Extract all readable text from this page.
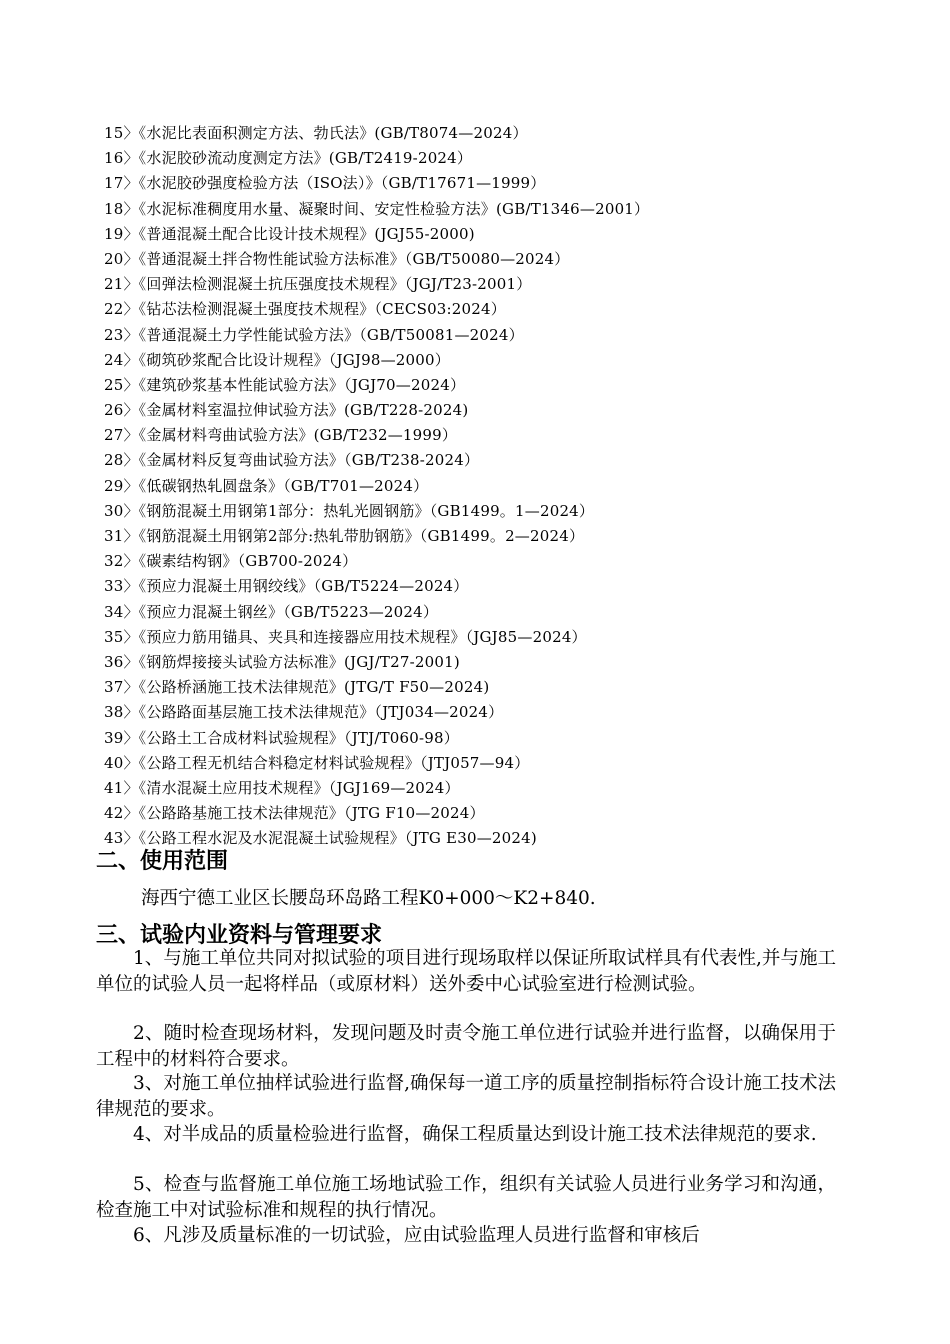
15〉《水泥比表面积测定方法、勃氏法》(GB/T8074—2024）
16〉《水泥胶砂流动度测定方法》(GB/T2419-2024）
17〉《水泥胶砂强度检验方法（ISO法）》（GB/T17671—1999）
18〉《水泥标准稠度用水量、凝聚时间、安定性检验方法》(GB/T1346—2001）
19〉《普通混凝土配合比设计技术规程》(JGJ55-2000)
20〉《普通混凝土拌合物性能试验方法标准》（GB/T50080—2024）
21〉《回弹法检测混凝土抗压强度技术规程》（JGJ/T23-2001）
22〉《钻芯法检测混凝土强度技术规程》（CECS03:2024）
23〉《普通混凝土力学性能试验方法》（GB/T50081—2024）
24〉《砌筑砂浆配合比设计规程》（JGJ98—2000）
25〉《建筑砂浆基本性能试验方法》（JGJ70—2024）
26〉《金属材料室温拉伸试验方法》(GB/T228-2024)
27〉《金属材料弯曲试验方法》(GB/T232—1999）
28〉《金属材料反复弯曲试验方法》（GB/T238-2024）
29〉《低碳钢热轧圆盘条》（GB/T701—2024）
30〉《钢筋混凝土用钢第1部分：热轧光圆钢筋》（GB1499。1—2024）
31〉《钢筋混凝土用钢第2部分:热轧带肋钢筋》（GB1499。2—2024）
32〉《碳素结构钢》（GB700-2024）
33〉《预应力混凝土用钢绞线》（GB/T5224—2024）
34〉《预应力混凝土钢丝》（GB/T5223—2024）
35〉《预应力筋用锚具、夹具和连接器应用技术规程》（JGJ85—2024）
36〉《钢筋焊接接头试验方法标准》(JGJ/T27-2001)
37〉《公路桥涵施工技术法律规范》(JTG/T F50—2024)
38〉《公路路面基层施工技术法律规范》（JTJ034—2024）
39〉《公路土工合成材料试验规程》（JTJ/T060-98）
40〉《公路工程无机结合料稳定材料试验规程》（JTJ057—94）
41〉《清水混凝土应用技术规程》（JGJ169—2024）
42〉《公路路基施工技术法律规范》（JTG F10—2024）
43〉《公路工程水泥及水泥混凝土试验规程》（JTG E30—2024)
二、使用范围
海西宁德工业区长腰岛环岛路工程K0+000～K2+840.
三、试验内业资料与管理要求

1、与施工单位共同对拟试验的项目进行现场取样以保证所取试样具有代表性,并与施工单位的试验人员一起将样品（或原材料）送外委中心试验室进行检测试验。

2、随时检查现场材料，发现问题及时责令施工单位进行试验并进行监督，以确保用于工程中的材料符合要求。

3、对施工单位抽样试验进行监督,确保每一道工序的质量控制指标符合设计施工技术法律规范的要求。

4、对半成品的质量检验进行监督，确保工程质量达到设计施工技术法律规范的要求.

5、检查与监督施工单位施工场地试验工作，组织有关试验人员进行业务学习和沟通，检查施工中对试验标准和规程的执行情况。

6、凡涉及质量标准的一切试验，应由试验监理人员进行监督和审核后
